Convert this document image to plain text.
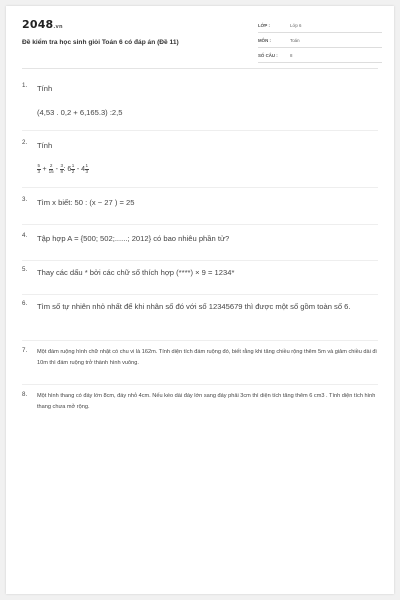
2048.vn
Đề kiểm tra học sinh giỏi Toán 6 có đáp án (Đề 11)
LỚP :	Lớp 6
MÔN :	Toán
SỐ CÂU :	8
1. Tính
(4,53 . 0,2 + 6,165.3) :2,5
2. Tính
$\frac{5}{3} + \frac{2}{15} - \frac{3}{8}$ : $6 \frac{1}{2} - 4 \frac{1}{3}$
3. Tìm x biết: 50 : (x − 27 ) = 25
4. Tập hợp A = {500; 502;......; 2012} có bao nhiêu phần tử?
5. Thay các dấu * bởi các chữ số thích hợp (****) × 9 = 1234*
6. Tìm số tự nhiên nhỏ nhất để khi nhân số đó với số 12345679 thì được một số gồm toàn số 6.
7. Một đám ruộng hình chữ nhật có chu vi là 162m. Tính diện tích đám ruộng đó, biết rằng khi tăng chiều rộng thêm 5m và giảm chiều dài đi 10m thì đám ruộng trở thành hình vuông.
8. Một hình thang có đáy lớn 8cm, đáy nhỏ 4cm. Nếu kéo dài đáy lớn sang đáy phải 3cm thì diện tích tăng thêm 6 cm3 . Tính diện tích hình thang chưa mở rộng.
